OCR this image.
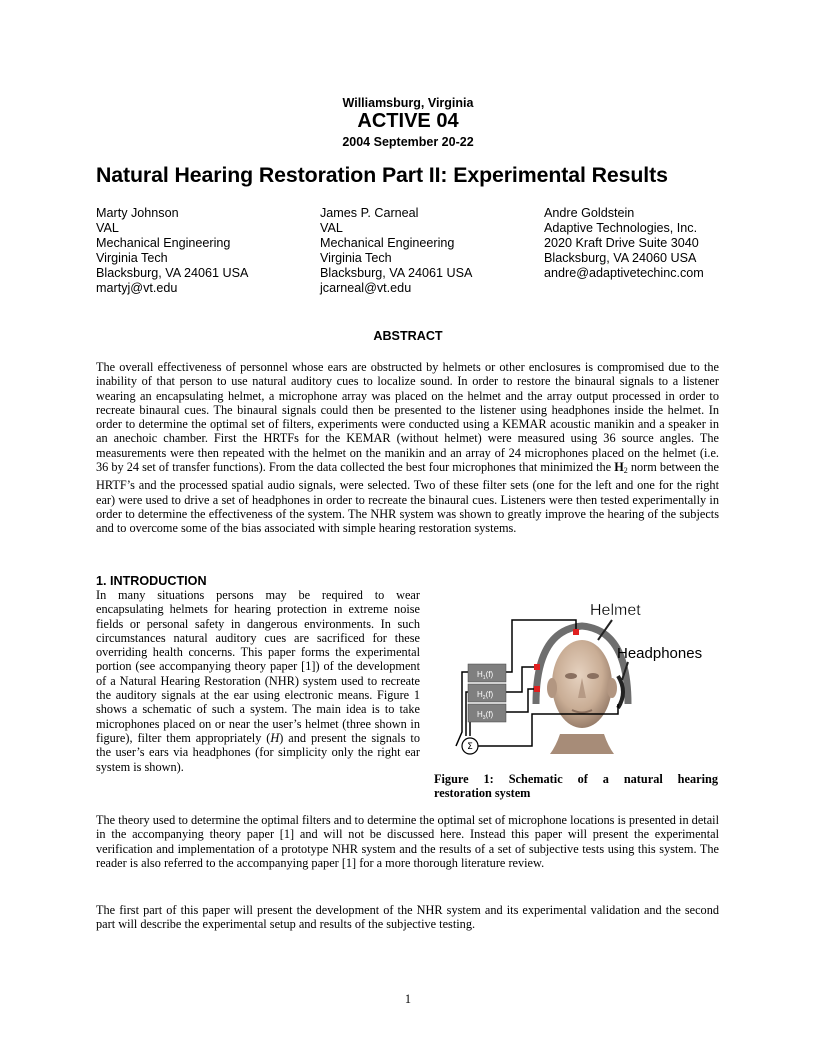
Williamsburg, Virginia
ACTIVE 04
2004 September 20-22
Natural Hearing Restoration Part II: Experimental Results
Marty Johnson
VAL
Mechanical Engineering
Virginia Tech
Blacksburg, VA 24061 USA
martyj@vt.edu
James P. Carneal
VAL
Mechanical Engineering
Virginia Tech
Blacksburg, VA 24061 USA
jcarneal@vt.edu
Andre Goldstein
Adaptive Technologies, Inc.
2020 Kraft Drive Suite 3040
Blacksburg, VA 24060 USA
andre@adaptivetechinc.com
ABSTRACT
The overall effectiveness of personnel whose ears are obstructed by helmets or other enclosures is compromised due to the inability of that person to use natural auditory cues to localize sound. In order to restore the binaural signals to a listener wearing an encapsulating helmet, a microphone array was placed on the helmet and the array output processed in order to recreate binaural cues. The binaural signals could then be presented to the listener using headphones inside the helmet. In order to determine the optimal set of filters, experiments were conducted using a KEMAR acoustic manikin and a speaker in an anechoic chamber. First the HRTFs for the KEMAR (without helmet) were measured using 36 source angles. The measurements were then repeated with the helmet on the manikin and an array of 24 microphones placed on the helmet (i.e. 36 by 24 set of transfer functions). From the data collected the best four microphones that minimized the $H_2$ norm between the HRTF’s and the processed spatial audio signals, were selected. Two of these filter sets (one for the left and one for the right ear) were used to drive a set of headphones in order to recreate the binaural cues. Listeners were then tested experimentally in order to determine the effectiveness of the system. The NHR system was shown to greatly improve the hearing of the subjects and to overcome some of the bias associated with simple hearing restoration systems.
1. INTRODUCTION
In many situations persons may be required to wear encapsulating helmets for hearing protection in extreme noise fields or personal safety in dangerous environments. In such circumstances natural auditory cues are sacrificed for these overriding health concerns. This paper forms the experimental portion (see accompanying theory paper [1]) of the development of a Natural Hearing Restoration (NHR) system used to recreate the auditory signals at the ear using electronic means. Figure 1 shows a schematic of such a system. The main idea is to take microphones placed on or near the user’s helmet (three shown in figure), filter them appropriately (H) and present the signals to the user’s ears via headphones (for simplicity only the right ear system is shown).
$H_1(f)$
$H_2(f)$
$H_3(f)$
Σ
Helmet
Headphones
Figure 1: Schematic of a natural hearing
restoration system
The theory used to determine the optimal filters and to determine the optimal set of microphone locations is presented in detail in the accompanying theory paper [1] and will not be discussed here. Instead this paper will present the experimental verification and implementation of a prototype NHR system and the results of a set of subjective tests using this system. The reader is also referred to the accompanying paper [1] for a more thorough literature review.
The first part of this paper will present the development of the NHR system and its experimental validation and the second part will describe the experimental setup and results of the subjective testing.
1
